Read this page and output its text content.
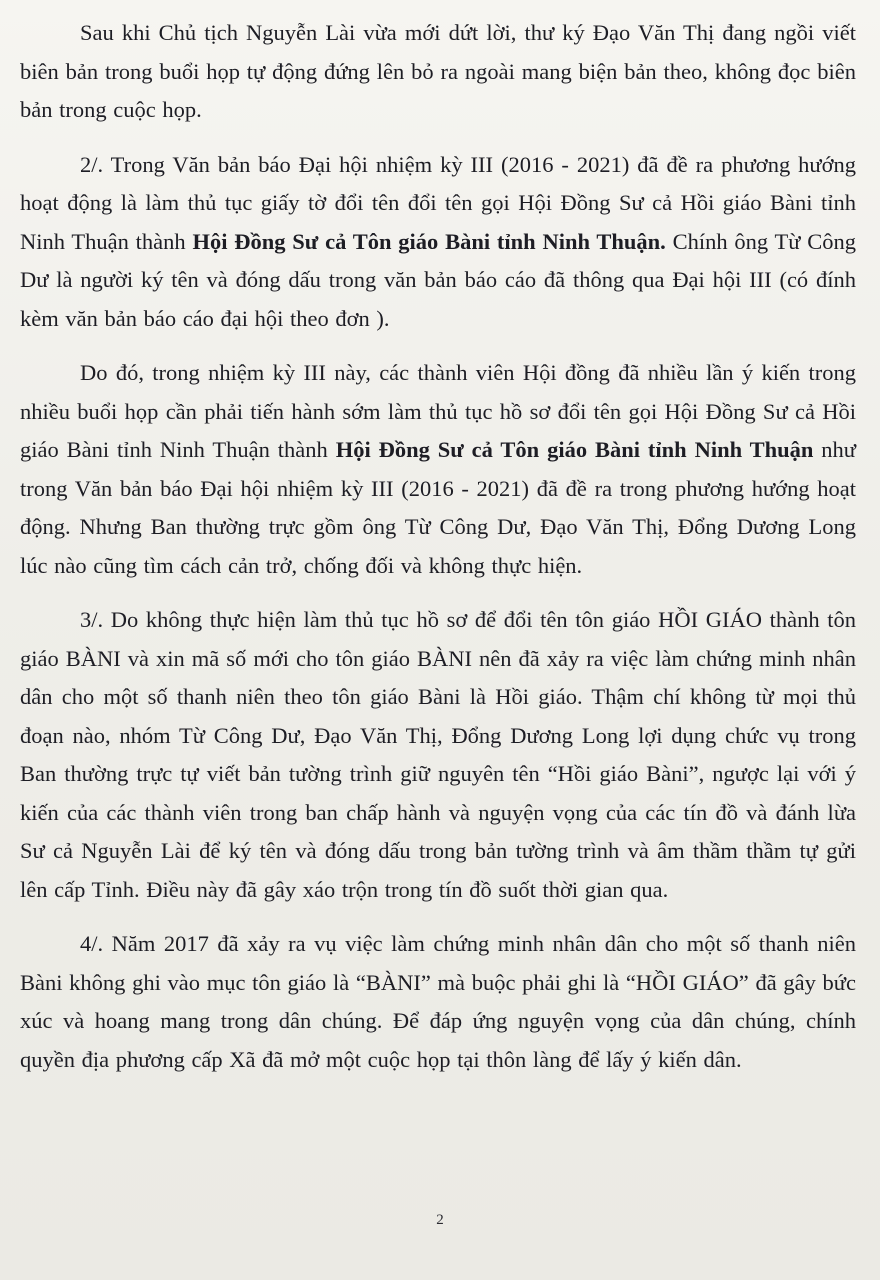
Sau khi Chủ tịch Nguyễn Lài vừa mới dứt lời, thư ký Đạo Văn Thị đang ngồi viết biên bản trong buổi họp tự động đứng lên bỏ ra ngoài mang biện bản theo, không đọc biên bản trong cuộc họp.

2/. Trong Văn bản báo Đại hội nhiệm kỳ III (2016 - 2021) đã đề ra phương hướng hoạt động là làm thủ tục giấy tờ đổi tên đổi tên gọi Hội Đồng Sư cả Hồi giáo Bàni tỉnh Ninh Thuận thành Hội Đồng Sư cả Tôn giáo Bàni tỉnh Ninh Thuận. Chính ông Từ Công Dư là người ký tên và đóng dấu trong văn bản báo cáo đã thông qua Đại hội III (có đính kèm văn bản báo cáo đại hội theo đơn ).

Do đó, trong nhiệm kỳ III này, các thành viên Hội đồng đã nhiều lần ý kiến trong nhiều buổi họp cần phải tiến hành sớm làm thủ tục hồ sơ đổi tên gọi Hội Đồng Sư cả Hồi giáo Bàni tỉnh Ninh Thuận thành Hội Đồng Sư cả Tôn giáo Bàni tỉnh Ninh Thuận như trong Văn bản báo Đại hội nhiệm kỳ III (2016 - 2021) đã đề ra trong phương hướng hoạt động. Nhưng Ban thường trực gồm ông Từ Công Dư, Đạo Văn Thị, Đổng Dương Long lúc nào cũng tìm cách cản trở, chống đối và không thực hiện.

3/. Do không thực hiện làm thủ tục hồ sơ để đổi tên tôn giáo HỒI GIÁO thành tôn giáo BÀNI và xin mã số mới cho tôn giáo BÀNI nên đã xảy ra việc làm chứng minh nhân dân cho một số thanh niên theo tôn giáo Bàni là Hồi giáo. Thậm chí không từ mọi thủ đoạn nào, nhóm Từ Công Dư, Đạo Văn Thị, Đổng Dương Long lợi dụng chức vụ trong Ban thường trực tự viết bản tường trình giữ nguyên tên “Hồi giáo Bàni”, ngược lại với ý kiến của các thành viên trong ban chấp hành và nguyện vọng của các tín đồ và đánh lừa Sư cả Nguyễn Lài để ký tên và đóng dấu trong bản tường trình và âm thầm thầm tự gửi lên cấp Tỉnh. Điều này đã gây xáo trộn trong tín đồ suốt thời gian qua.

4/. Năm 2017 đã xảy ra vụ việc làm chứng minh nhân dân cho một số thanh niên Bàni không ghi vào mục tôn giáo là “BÀNI” mà buộc phải ghi là “HỒI GIÁO” đã gây bức xúc và hoang mang trong dân chúng. Để đáp ứng nguyện vọng của dân chúng, chính quyền địa phương cấp Xã đã mở một cuộc họp tại thôn làng để lấy ý kiến dân.

2
